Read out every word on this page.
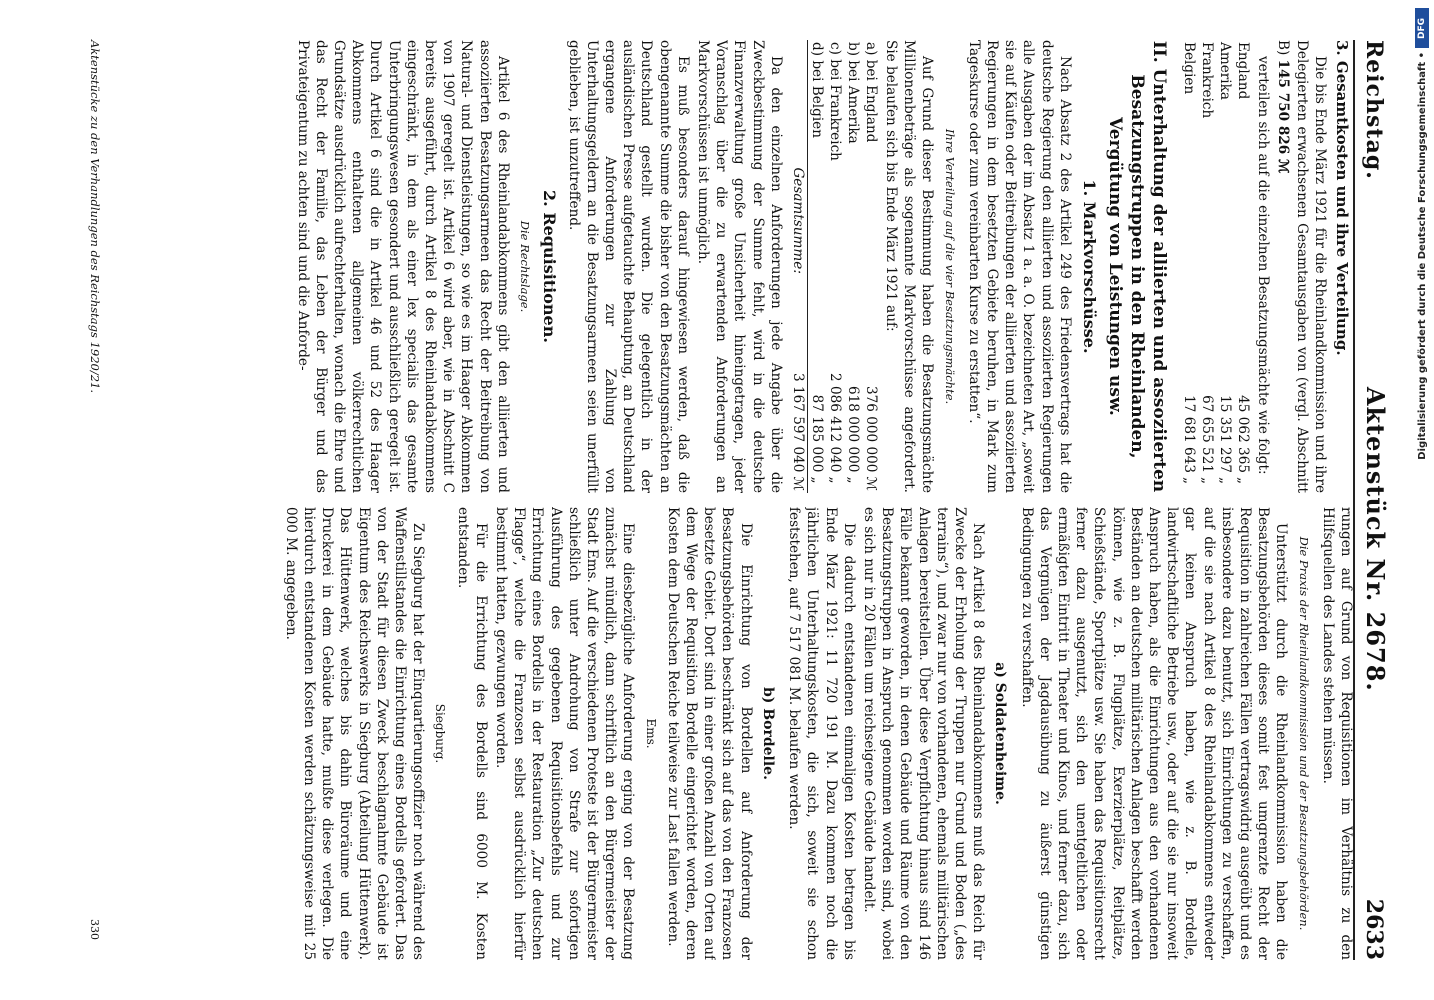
Reichstag.
Aktenstück Nr. 2678.
2633
3. Gesamtkosten und ihre Verteilung.

Die bis Ende März 1921 für die Rheinlandkommission und ihre Delegierten erwachsenen Gesamtausgaben von (vergl. Abschnitt B) 145 750 826 ℳ

verteilen sich auf die einzelnen Besatzungsmächte wie folgt:

England	45 062 365	„
Amerika	15 351 297	„
Frankreich	67 655 521	„
Belgien	17 681 643	„
II. Unterhaltung der alliierten und assoziierten Besatzungstruppen in den Rheinlanden, Vergütung von Leistungen usw.
1. Markvorschüsse.

Nach Absatz 2 des Artikel 249 des Friedensvertrags hat die deutsche Regierung den alliierten und assoziierten Regierungen alle Ausgaben der im Absatz 1 a. a. O. bezeichneten Art, „soweit sie auf Käufen oder Beitreibungen der alliierten und assoziierten Regierungen in dem besetzten Gebiete beruhen, in Mark zum Tageskurse oder zum vereinbarten Kurse zu erstatten“.

Ihre Verteilung auf die vier Besatzungsmächte.

Auf Grund dieser Bestimmung haben die Besatzungsmächte Millionenbeträge als sogenannte Markvorschüsse angefordert. Sie belaufen sich bis Ende März 1921 auf:

a) bei England	376 000 000	ℳ
b) bei Amerika	618 000 000	„
c) bei Frankreich	2 086 412 040	„
d) bei Belgien	87 185 000	„
Gesamtsumme:	3 167 597 040	ℳ

Da den einzelnen Anforderungen jede Angabe über die Zweckbestimmung der Summe fehlt, wird in die deutsche Finanzverwaltung große Unsicherheit hineingetragen, jeder Voranschlag über die zu erwartenden Anforderungen an Markvorschüssen ist unmöglich.

Es muß besonders darauf hingewiesen werden, daß die obengenannte Summe die bisher von den Besatzungsmächten an Deutschland gestellt wurden. Die gelegentlich in der ausländischen Presse aufgetauchte Behauptung, an Deutschland ergangene Anforderungen zur Zahlung von Unterhaltungsgeldern an die Besatzungsarmeen seien unerfüllt geblieben, ist unzutreffend.

2. Requisitionen.
Die Rechtslage.

Artikel 6 des Rheinlandabkommens gibt den alliierten und assoziierten Besatzungsarmeen das Recht der Beitreibung von Natural- und Dienstleistungen, so wie es im Haager Abkommen von 1907 geregelt ist. Artikel 6 wird aber, wie in Abschnitt C bereits ausgeführt, durch Artikel 8 des Rheinlandabkommens eingeschränkt, in dem als einer lex specialis das gesamte Unterbringungswesen gesondert und ausschließlich geregelt ist. Durch Artikel 6 sind die in Artikel 46 und 52 des Haager Abkommens enthaltenen allgemeinen völkerrechtlichen Grundsätze ausdrücklich aufrechterhalten, wonach die Ehre und das Recht der Familie, das Leben der Bürger und das Privateigentum zu achten sind und die Anforde-

rungen auf Grund von Requisitionen im Verhältnis zu den Hilfsquellen des Landes stehen müssen.

Die Praxis der Rheinlandkommission und der Besatzungsbehörden.

Unterstützt durch die Rheinlandkommission haben die Besatzungsbehörden dieses somit fest umgrenzte Recht der Requisition in zahlreichen Fällen vertragswidrig ausgeübt und es insbesondere dazu benutzt, sich Einrichtungen zu verschaffen, auf die sie nach Artikel 8 des Rheinlandabkommens entweder gar keinen Anspruch haben, wie z. B. Bordelle, landwirtschaftliche Betriebe usw., oder auf die sie nur insoweit Anspruch haben, als die Einrichtungen aus den vorhandenen Beständen an deutschen militärischen Anlagen beschafft werden können, wie z. B. Flugplätze, Exerzierplätze, Reitplätze, Schießstände, Sportplätze usw. Sie haben das Requisitionsrecht ferner dazu ausgenutzt, sich den unentgeltlichen oder ermäßigten Eintritt in Theater und Kinos, und ferner dazu, sich das Vergnügen der Jagdausübung zu äußerst günstigen Bedingungen zu verschaffen.

a) Soldatenheime.

Nach Artikel 8 des Rheinlandabkommens muß das Reich für Zwecke der Erholung der Truppen nur Grund und Boden („des terrains“), und zwar nur von vorhandenen, ehemals militärischen Anlagen bereitstellen. Über diese Verpflichtung hinaus sind 146 Fälle bekannt geworden, in denen Gebäude und Räume von den Besatzungstruppen in Anspruch genommen worden sind, wobei es sich nur in 20 Fällen um reichseigene Gebäude handelt.

Die dadurch entstandenen einmaligen Kosten betragen bis Ende März 1921: 11 720 191 M. Dazu kommen noch die jährlichen Unterhaltungskosten, die sich, soweit sie schon feststehen, auf 7 517 081 M. belaufen werden.

b) Bordelle.

Die Einrichtung von Bordellen auf Anforderung der Besatzungsbehörden beschränkt sich auf das von den Franzosen besetzte Gebiet. Dort sind in einer großen Anzahl von Orten auf dem Wege der Requisition Bordelle eingerichtet worden, deren Kosten dem Deutschen Reiche teilweise zur Last fallen werden.

Ems.

Eine diesbezügliche Anforderung erging von der Besatzung zunächst mündlich, dann schriftlich an den Bürgermeister der Stadt Ems. Auf die verschiedenen Proteste ist der Bürgermeister schließlich unter Androhung von Strafe zur sofortigen Ausführung des gegebenen Requisitionsbefehls und zur Errichtung eines Bordells in der Restauration „Zur deutschen Flagge“, welche die Franzosen selbst ausdrücklich hierfür bestimmt hatten, gezwungen worden.

Für die Errichtung des Bordells sind 6000 M. Kosten entstanden.

Siegburg.

Zu Siegburg hat der Einquartierungsoffizier noch während des Waffenstillstandes die Einrichtung eines Bordells gefordert. Das von der Stadt für diesen Zweck beschlagnahmte Gebäude ist Eigentum des Reichswerks in Siegburg (Abteilung Hüttenwerk). Das Hüttenwerk, welches bis dahin Büroräume und eine Druckerei in dem Gebäude hatte, mußte diese verlegen. Die hierdurch entstandenen Kosten werden schätzungsweise mit 25 000 M. angegeben.

Aktenstücke zu den Verhandlungen des Reichstags 1920/21.
330
DFG
Digitalisierung gefördert durch die Deutsche Forschungsgemeinschaft •
